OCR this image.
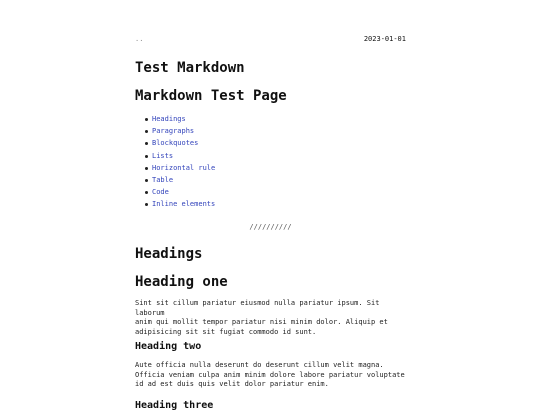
..	2023-01-01
Test Markdown
Markdown Test Page
Headings
Paragraphs
Blockquotes
Lists
Horizontal rule
Table
Code
Inline elements
//////////
Headings
Heading one

Sint sit cillum pariatur eiusmod nulla pariatur ipsum. Sit laborum
anim qui mollit tempor pariatur nisi minim dolor. Aliquip et
adipisicing sit sit fugiat commodo id sunt.

Heading two

Aute officia nulla deserunt do deserunt cillum velit magna.
Officia veniam culpa anim minim dolore labore pariatur voluptate
id ad est duis quis velit dolor pariatur enim.

Heading three
